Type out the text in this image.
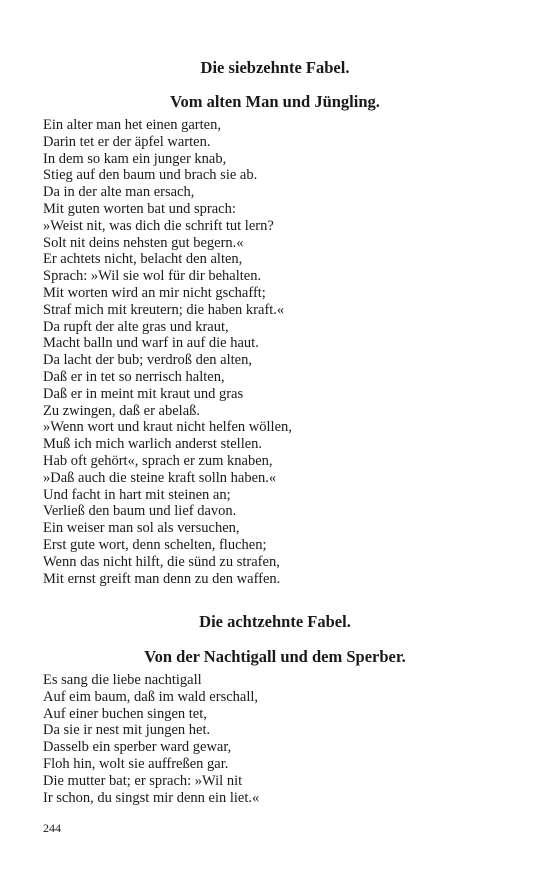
Die siebzehnte Fabel.
Vom alten Man und Jüngling.
Ein alter man het einen garten,
Darin tet er der äpfel warten.
In dem so kam ein junger knab,
Stieg auf den baum und brach sie ab.
Da in der alte man ersach,
Mit guten worten bat und sprach:
»Weist nit, was dich die schrift tut lern?
Solt nit deins nehsten gut begern.«
Er achtets nicht, belacht den alten,
Sprach: »Wil sie wol für dir behalten.
Mit worten wird an mir nicht gschafft;
Straf mich mit kreutern; die haben kraft.«
Da rupft der alte gras und kraut,
Macht balln und warf in auf die haut.
Da lacht der bub; verdroß den alten,
Daß er in tet so nerrisch halten,
Daß er in meint mit kraut und gras
Zu zwingen, daß er abelaß.
»Wenn wort und kraut nicht helfen wöllen,
Muß ich mich warlich anderst stellen.
Hab oft gehört«, sprach er zum knaben,
»Daß auch die steine kraft solln haben.«
Und facht in hart mit steinen an;
Verließ den baum und lief davon.
Ein weiser man sol als versuchen,
Erst gute wort, denn schelten, fluchen;
Wenn das nicht hilft, die sünd zu strafen,
Mit ernst greift man denn zu den waffen.
Die achtzehnte Fabel.
Von der Nachtigall und dem Sperber.
Es sang die liebe nachtigall
Auf eim baum, daß im wald erschall,
Auf einer buchen singen tet,
Da sie ir nest mit jungen het.
Dasselb ein sperber ward gewar,
Floh hin, wolt sie auffreßen gar.
Die mutter bat; er sprach: »Wil nit
Ir schon, du singst mir denn ein liet.«
244
